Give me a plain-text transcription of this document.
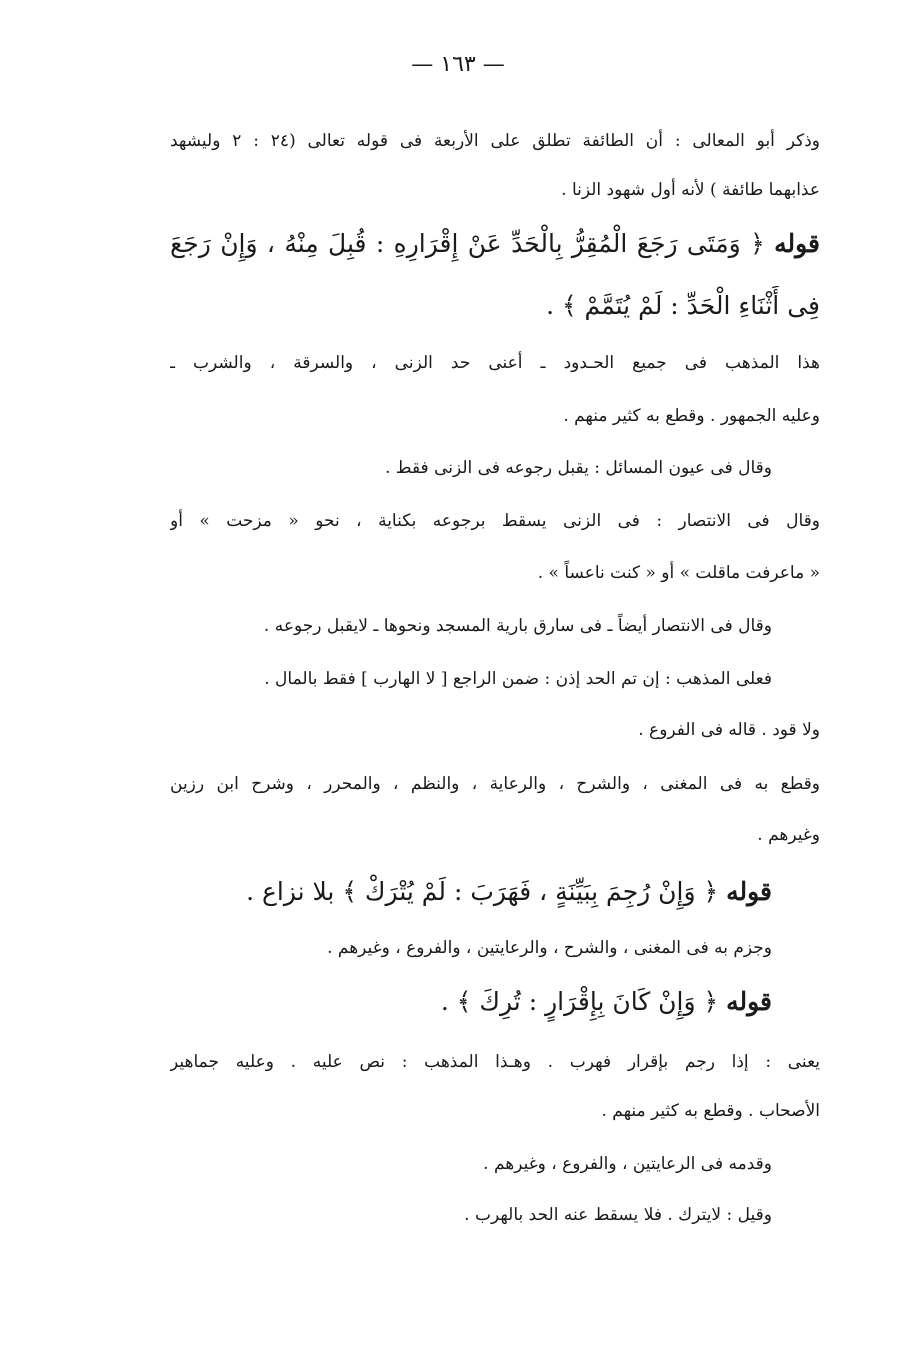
— ١٦٣ —
وذكر أبو المعالى : أن الطائفة تطلق على الأربعة فى قوله تعالى (٢٤ : ٢ وليشهد
عذابهما طائفة ) لأنه أول شهود الزنا .
قوله ﴿ وَمَتَى رَجَعَ الْمُقِرُّ بِالْحَدِّ عَنْ إِقْرَارِهِ : قُبِلَ مِنْهُ ، وَإِنْ رَجَعَ
فِى أَثْنَاءِ الْحَدِّ : لَمْ يُتَمَّمْ ﴾ .
هذا المذهب فى جميع الحـدود ـ أعنى حد الزنى ، والسرقة ، والشرب ـ
وعليه الجمهور . وقطع به كثير منهم .
وقال فى عيون المسائل : يقبل رجوعه فى الزنى فقط .
وقال فى الانتصار : فى الزنى يسقط برجوعه بكناية ، نحو « مزحت » أو
« ماعرفت ماقلت » أو « كنت ناعساً » .
وقال فى الانتصار أيضاً ـ فى سارق بارية المسجد ونحوها ـ لايقبل رجوعه .
فعلى المذهب : إن تم الحد إذن : ضمن الراجع [ لا الهارب ] فقط بالمال .
ولا قود . قاله فى الفروع .
وقطع به فى المغنى ، والشرح ، والرعاية ، والنظم ، والمحرر ، وشرح ابن رزين
وغيرهم .
قوله ﴿ وَإِنْ رُجِمَ بِبَيِّنَةٍ ، فَهَرَبَ : لَمْ يُتْرَكْ ﴾ بلا نزاع .
وجزم به فى المغنى ، والشرح ، والرعايتين ، والفروع ، وغيرهم .
قوله ﴿ وَإِنْ كَانَ بِإِقْرَارٍ : تُرِكَ ﴾ .
يعنى : إذا رجم بإقرار فهرب . وهـذا المذهب : نص عليه . وعليه جماهير
الأصحاب . وقطع به كثير منهم .
وقدمه فى الرعايتين ، والفروع ، وغيرهم .
وقيل : لايترك . فلا يسقط عنه الحد بالهرب .
